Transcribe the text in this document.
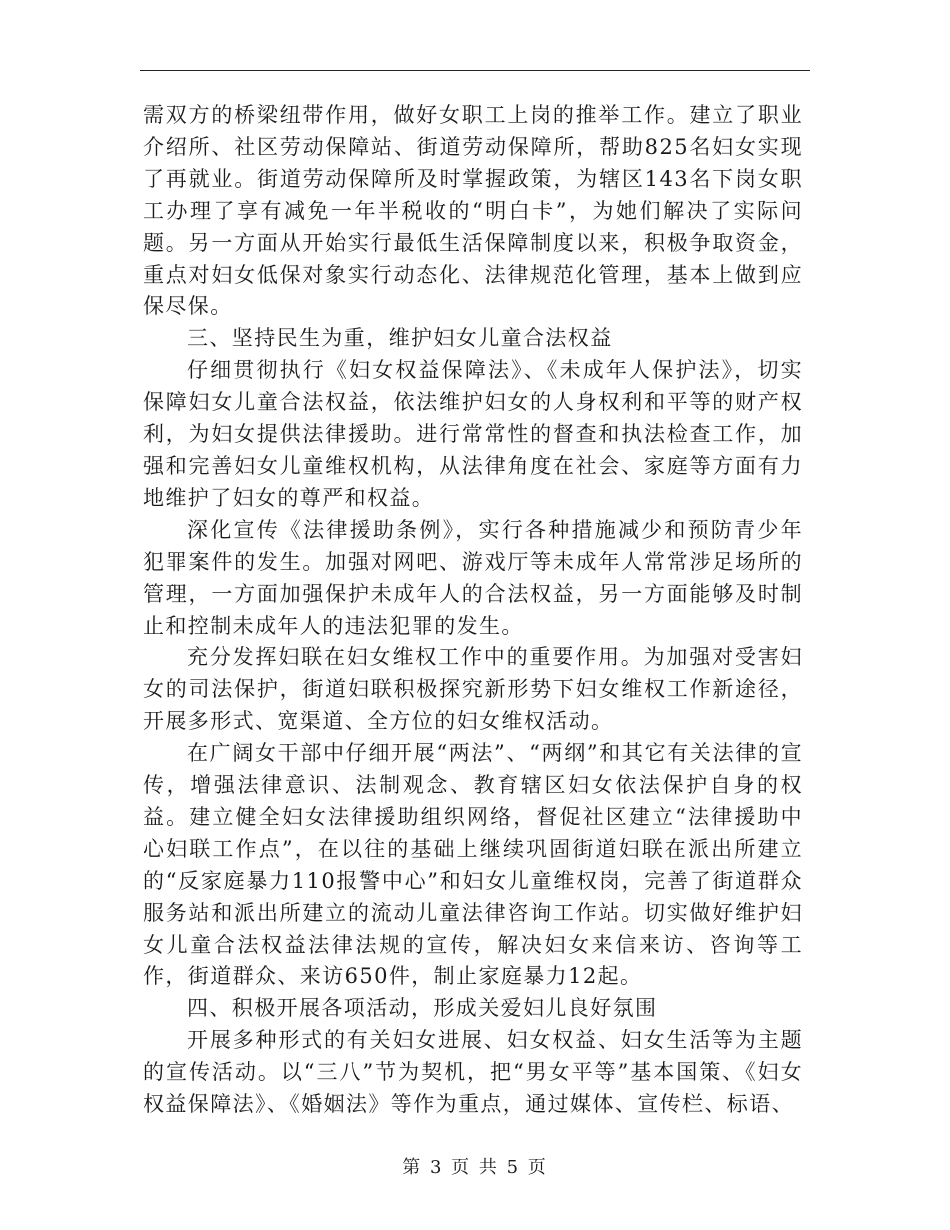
需双方的桥梁纽带作用，做好女职工上岗的推举工作。建立了职业介绍所、社区劳动保障站、街道劳动保障所，帮助825名妇女实现了再就业。街道劳动保障所及时掌握政策，为辖区143名下岗女职工办理了享有减免一年半税收的“明白卡”，为她们解决了实际问题。另一方面从开始实行最低生活保障制度以来，积极争取资金，重点对妇女低保对象实行动态化、法律规范化管理，基本上做到应保尽保。

三、坚持民生为重，维护妇女儿童合法权益

仔细贯彻执行《妇女权益保障法》、《未成年人保护法》，切实保障妇女儿童合法权益，依法维护妇女的人身权利和平等的财产权利，为妇女提供法律援助。进行常常性的督查和执法检查工作，加强和完善妇女儿童维权机构，从法律角度在社会、家庭等方面有力地维护了妇女的尊严和权益。

深化宣传《法律援助条例》，实行各种措施减少和预防青少年犯罪案件的发生。加强对网吧、游戏厅等未成年人常常涉足场所的管理，一方面加强保护未成年人的合法权益，另一方面能够及时制止和控制未成年人的违法犯罪的发生。

充分发挥妇联在妇女维权工作中的重要作用。为加强对受害妇女的司法保护，街道妇联积极探究新形势下妇女维权工作新途径，开展多形式、宽渠道、全方位的妇女维权活动。

在广阔女干部中仔细开展“两法”、“两纲”和其它有关法律的宣传，增强法律意识、法制观念、教育辖区妇女依法保护自身的权益。建立健全妇女法律援助组织网络，督促社区建立“法律援助中心妇联工作点”，在以往的基础上继续巩固街道妇联在派出所建立的“反家庭暴力110报警中心”和妇女儿童维权岗，完善了街道群众服务站和派出所建立的流动儿童法律咨询工作站。切实做好维护妇女儿童合法权益法律法规的宣传，解决妇女来信来访、咨询等工作，街道群众、来访650件，制止家庭暴力12起。

四、积极开展各项活动，形成关爱妇儿良好氛围

开展多种形式的有关妇女进展、妇女权益、妇女生活等为主题的宣传活动。以“三八”节为契机，把“男女平等”基本国策、《妇女权益保障法》、《婚姻法》等作为重点，通过媒体、宣传栏、标语、

第 3 页 共 5 页
